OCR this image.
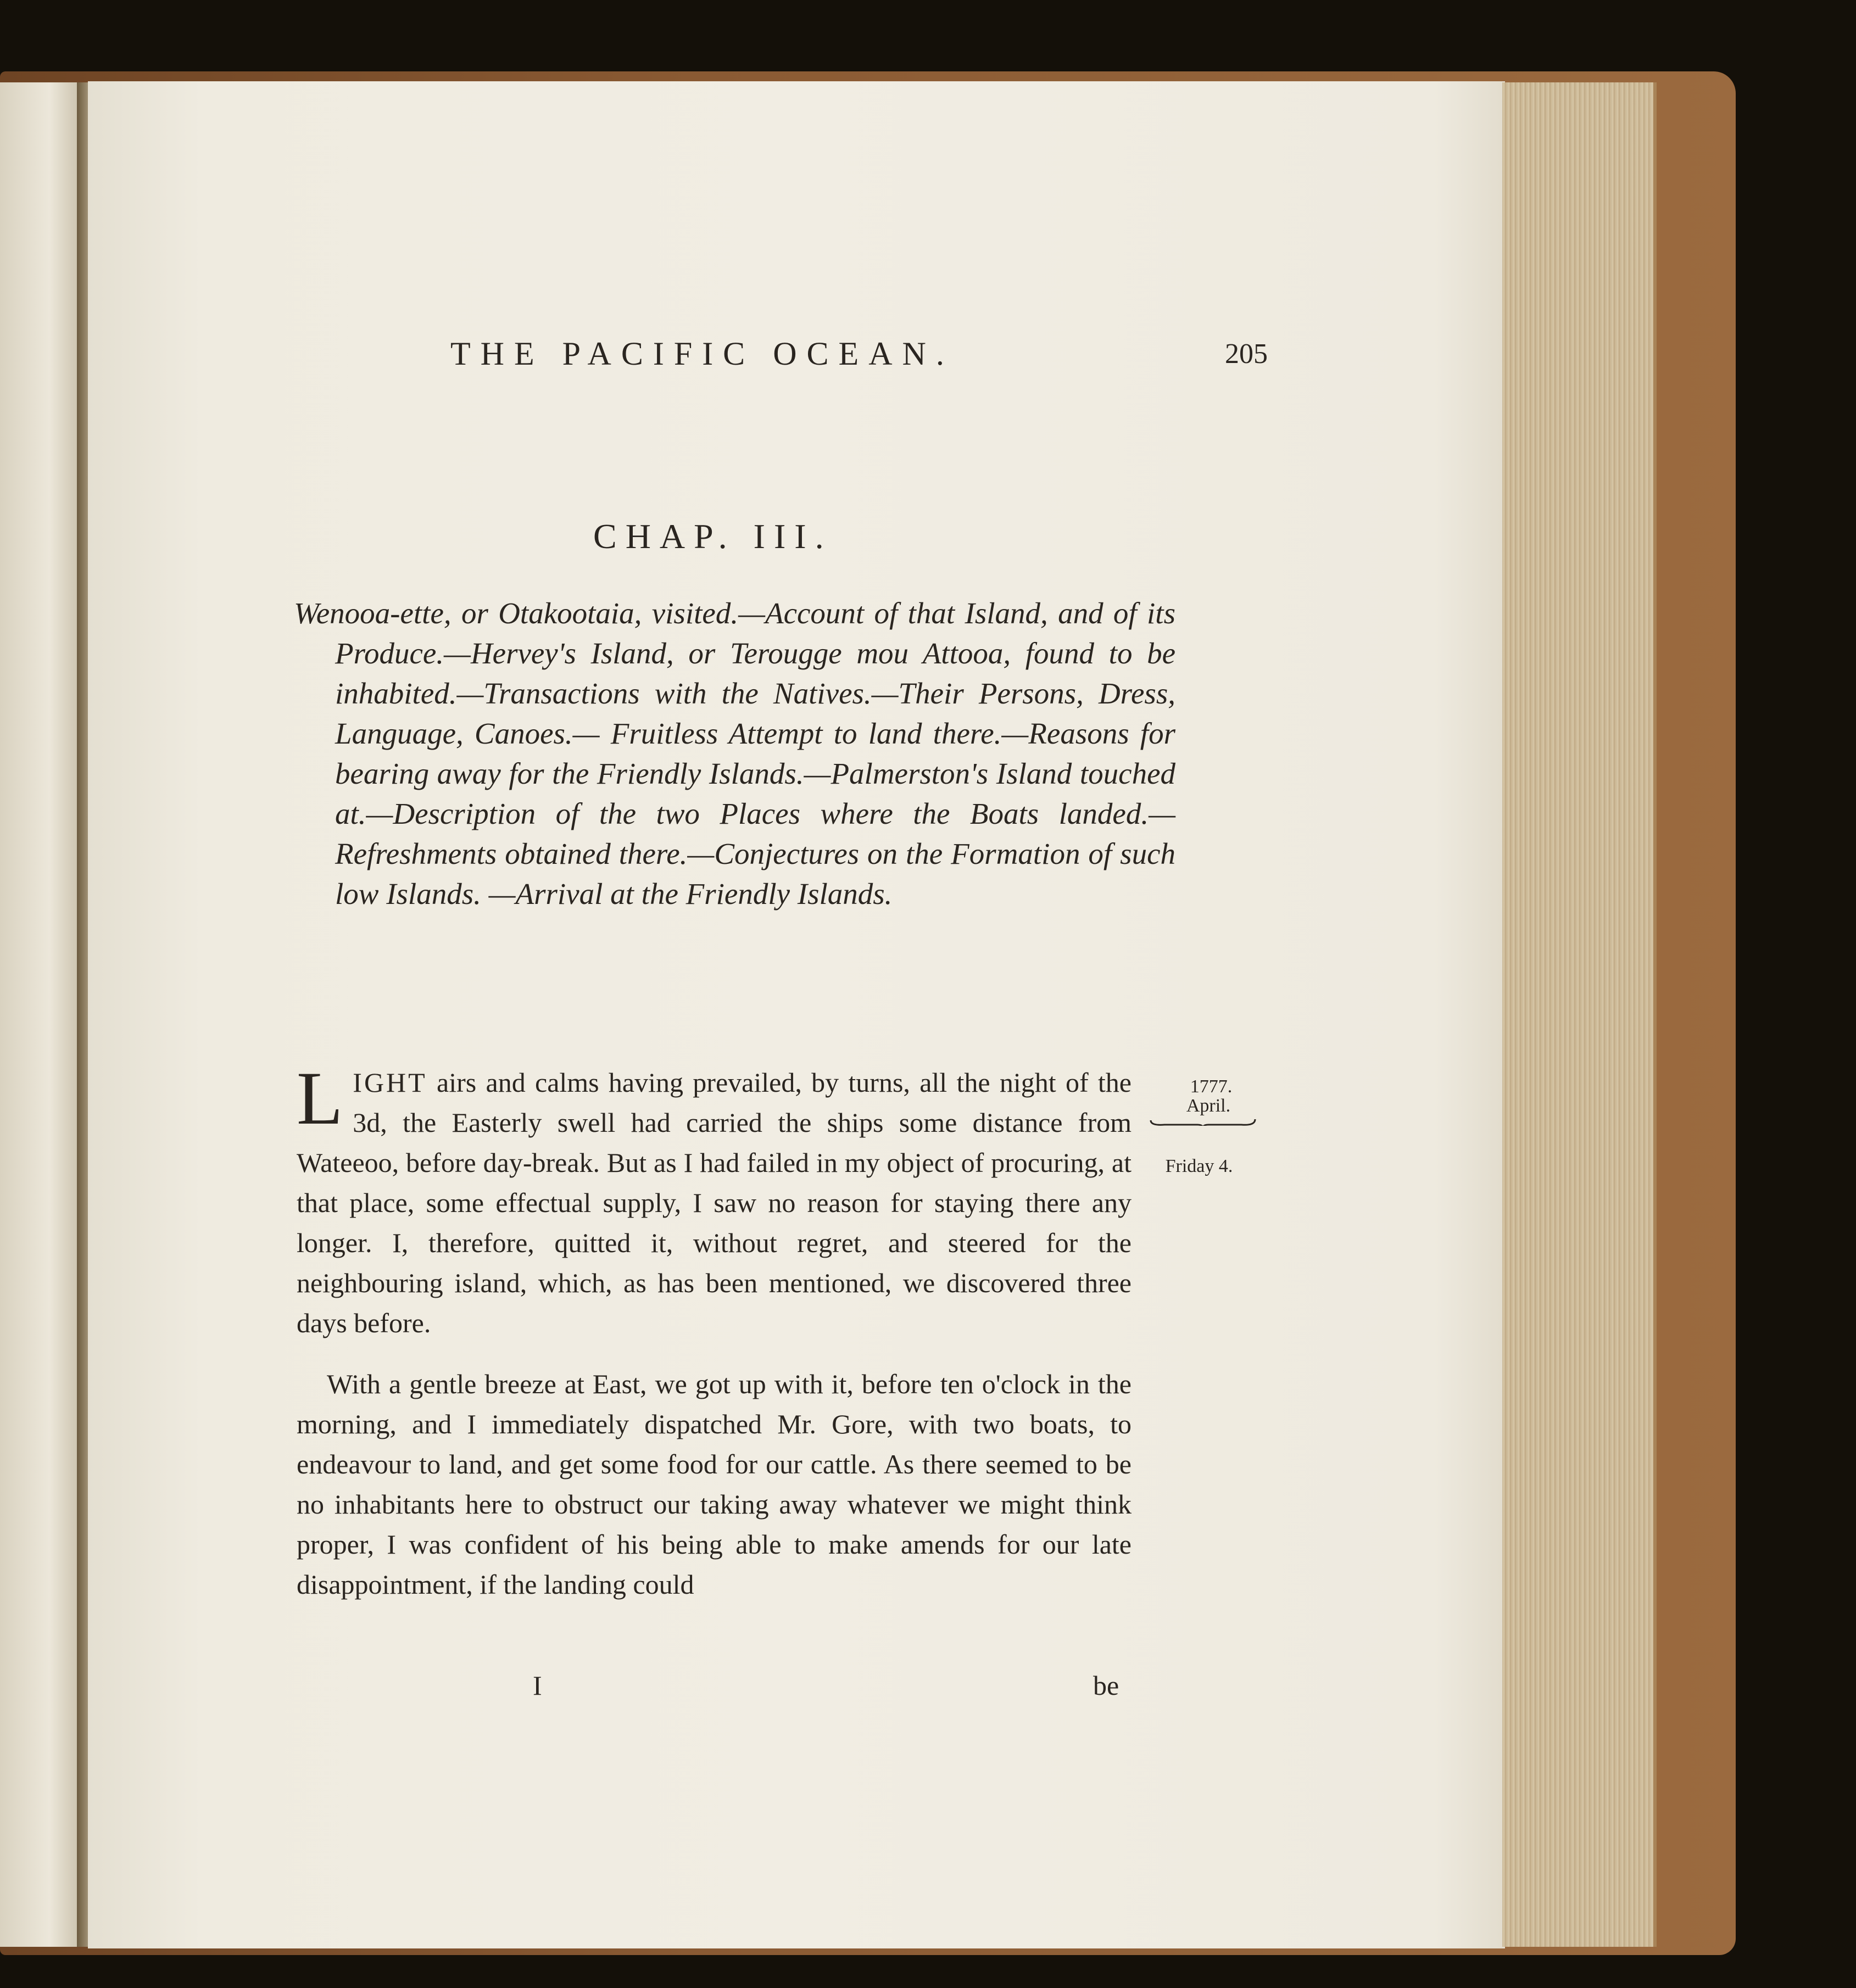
THE PACIFIC OCEAN.	205
CHAP. III.

Wenooa-ette, or Otakootaia, visited.—Account of that Island, and of its Produce.—Hervey's Island, or Terougge mou Attooa, found to be inhabited.—Transactions with the Natives.—Their Persons, Dress, Language, Canoes.— Fruitless Attempt to land there.—Reasons for bearing away for the Friendly Islands.—Palmerston's Island touched at.—Description of the two Places where the Boats landed.—Refreshments obtained there.—Conjectures on the Formation of such low Islands. —Arrival at the Friendly Islands.

LIGHT airs and calms having prevailed, by turns, all the night of the 3d, the Easterly swell had carried the ships some distance from Wateeoo, before day-break. But as I had failed in my object of procuring, at that place, some effectual supply, I saw no reason for staying there any longer. I, therefore, quitted it, without regret, and steered for the neighbouring island, which, as has been mentioned, we discovered three days before.

With a gentle breeze at East, we got up with it, before ten o'clock in the morning, and I immediately dispatched Mr. Gore, with two boats, to endeavour to land, and get some food for our cattle. As there seemed to be no inhabitants here to obstruct our taking away whatever we might think proper, I was confident of his being able to make amends for our late disappointment, if the landing could

1777.
April.
Friday 4.
I	be
